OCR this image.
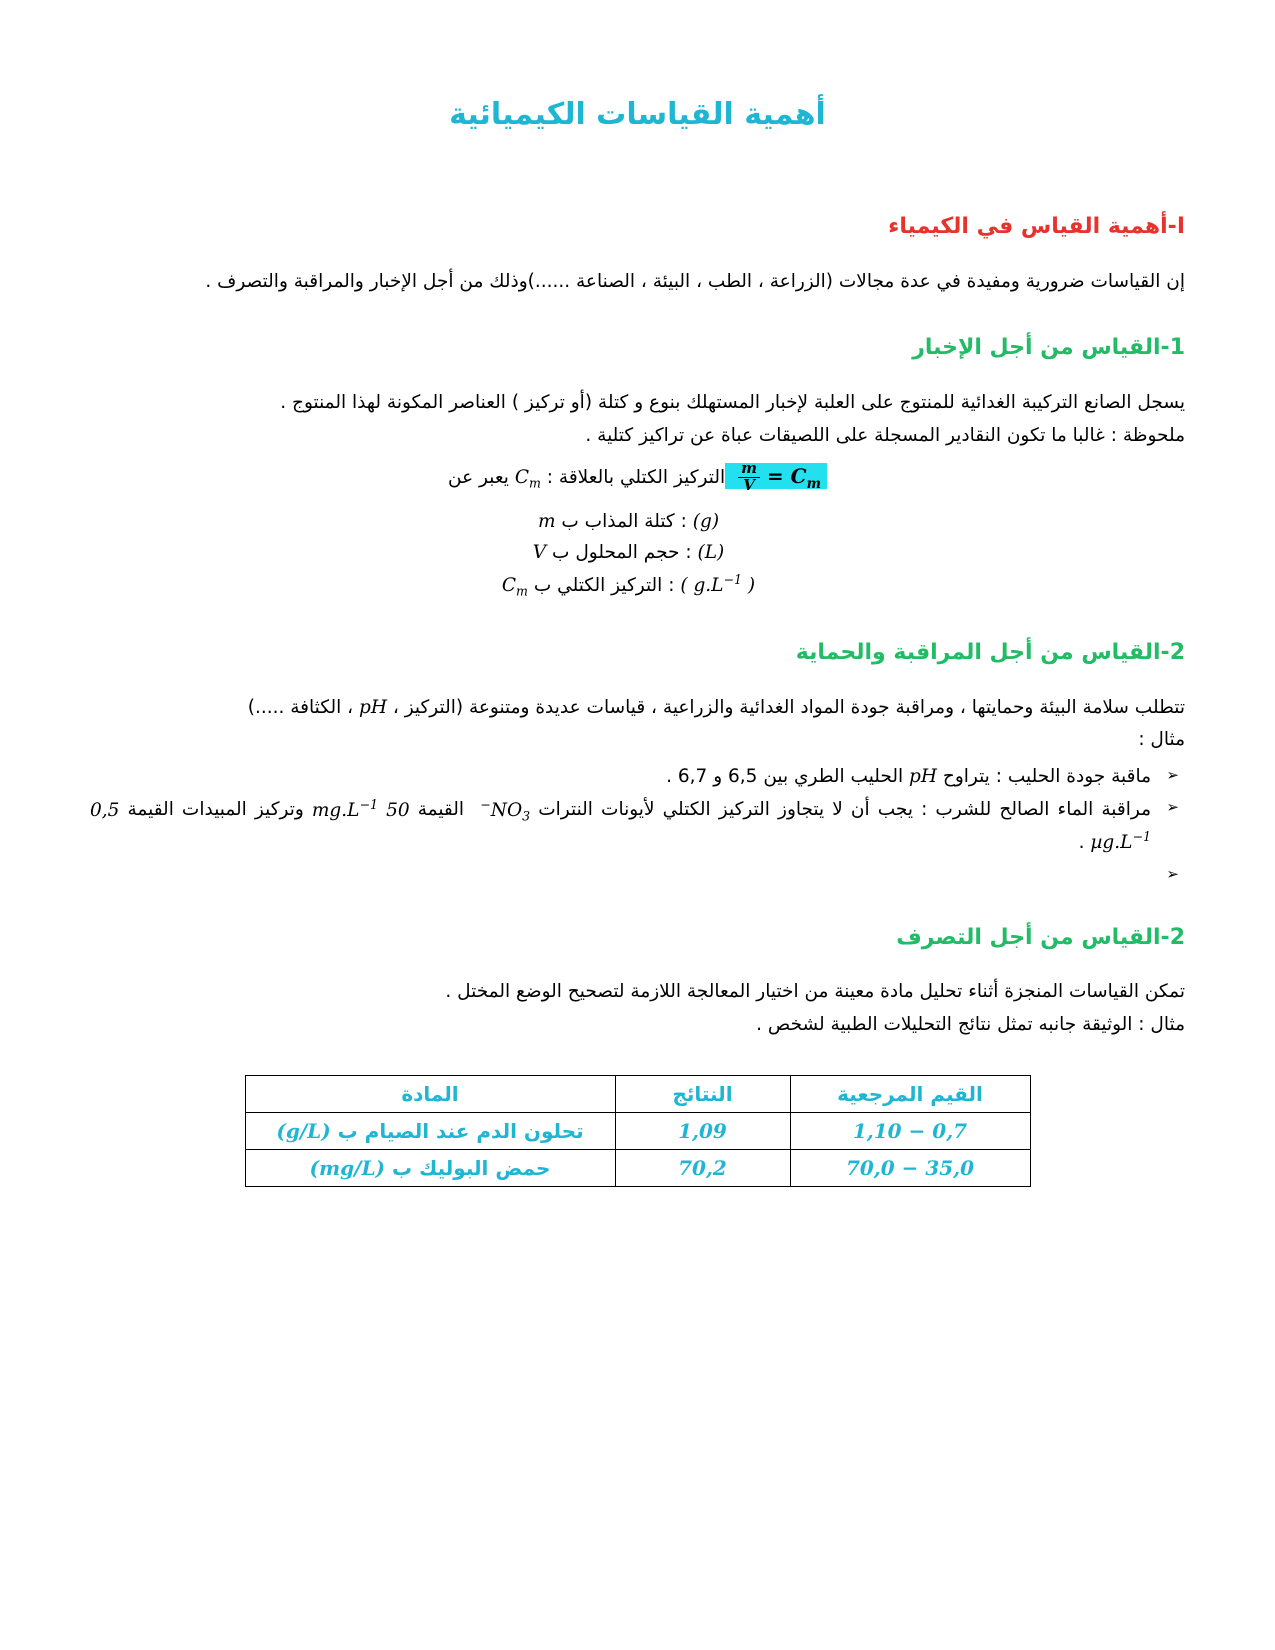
أهمية القياسات الكيميائية
I-أهمية القياس في الكيمياء

إن القياسات ضرورية ومفيدة في عدة مجالات (الزراعة ، الطب ، البيئة ، الصناعة ......)وذلك من أجل الإخبار والمراقبة والتصرف .

1-القياس من أجل الإخبار

يسجل الصانع التركيبة الغدائية للمنتوج على العلبة لإخبار المستهلك بنوع و كتلة (أو تركيز ) العناصر المكونة لهذا المنتوج .

ملحوظة : غالبا ما تكون النقادير المسجلة على اللصيقات عباة عن تراكيز كتلية .

$C_m$ =
$\frac{m}{V}$
التركيز الكتلي بالعلاقة : $C_m$ يعبر عن

(g) : كتلة المذاب ب m

(L) : حجم المحلول ب V

( $g.L^{-1}$ ) : التركيز الكتلي ب $C_m$

2-القياس من أجل المراقبة والحماية

تتطلب سلامة البيئة وحمايتها ، ومراقبة جودة المواد الغدائية والزراعية ، قياسات عديدة ومتنوعة (التركيز ، pH ، الكثافة .....)

مثال :

➢
ماقبة جودة الحليب : يتراوح pH الحليب الطري بين 6,5 و 6,7 .
➢
مراقبة الماء الصالح للشرب : يجب أن لا يتجاوز التركيز الكتلي لأيونات النترات $NO_3^-$  القيمة 50 $mg.L^{-1}$ وتركيز المبيدات القيمة 0,5 $\mu g.L^{-1}$ .
➢
2-القياس من أجل التصرف

تمكن القياسات المنجزة أثناء تحليل مادة معينة من اختيار المعالجة اللازمة لتصحيح الوضع المختل .

مثال : الوثيقة جانبه تمثل نتائج التحليلات الطبية لشخص .

القيم المرجعية	النتائج	المادة
0,7 − 1,10	1,09	تحلون الدم عند الصيام ب (g/L)
35,0 − 70,0	70,2	حمض البوليك ب (mg/L)
